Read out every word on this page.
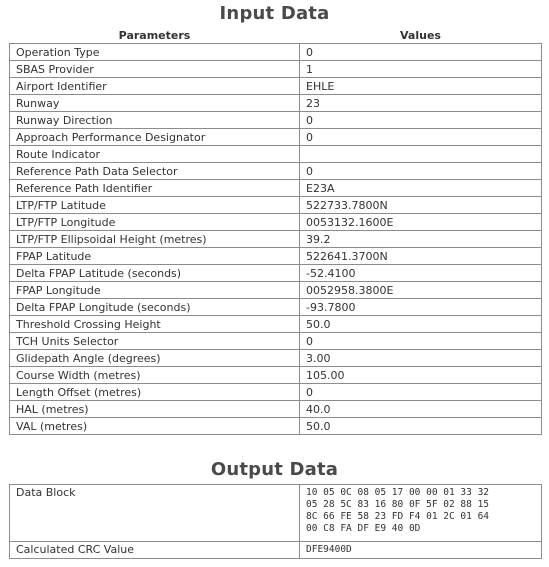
Input Data
Parameters	Values
Operation Type	0
SBAS Provider	1
Airport Identifier	EHLE
Runway	23
Runway Direction	0
Approach Performance Designator	0
Route Indicator	
Reference Path Data Selector	0
Reference Path Identifier	E23A
LTP/FTP Latitude	522733.7800N
LTP/FTP Longitude	0053132.1600E
LTP/FTP Ellipsoidal Height (metres)	39.2
FPAP Latitude	522641.3700N
Delta FPAP Latitude (seconds)	-52.4100
FPAP Longitude	0052958.3800E
Delta FPAP Longitude (seconds)	-93.7800
Threshold Crossing Height	50.0
TCH Units Selector	0
Glidepath Angle (degrees)	3.00
Course Width (metres)	105.00
Length Offset (metres)	0
HAL (metres)	40.0
VAL (metres)	50.0
Output Data
Data Block	10 05 0C 08 05 17 00 00 01 33 32
05 28 5C 83 16 80 0F 5F 02 88 15
8C 66 FE 58 23 FD F4 01 2C 01 64
00 C8 FA DF E9 40 0D
Calculated CRC Value	DFE9400D
